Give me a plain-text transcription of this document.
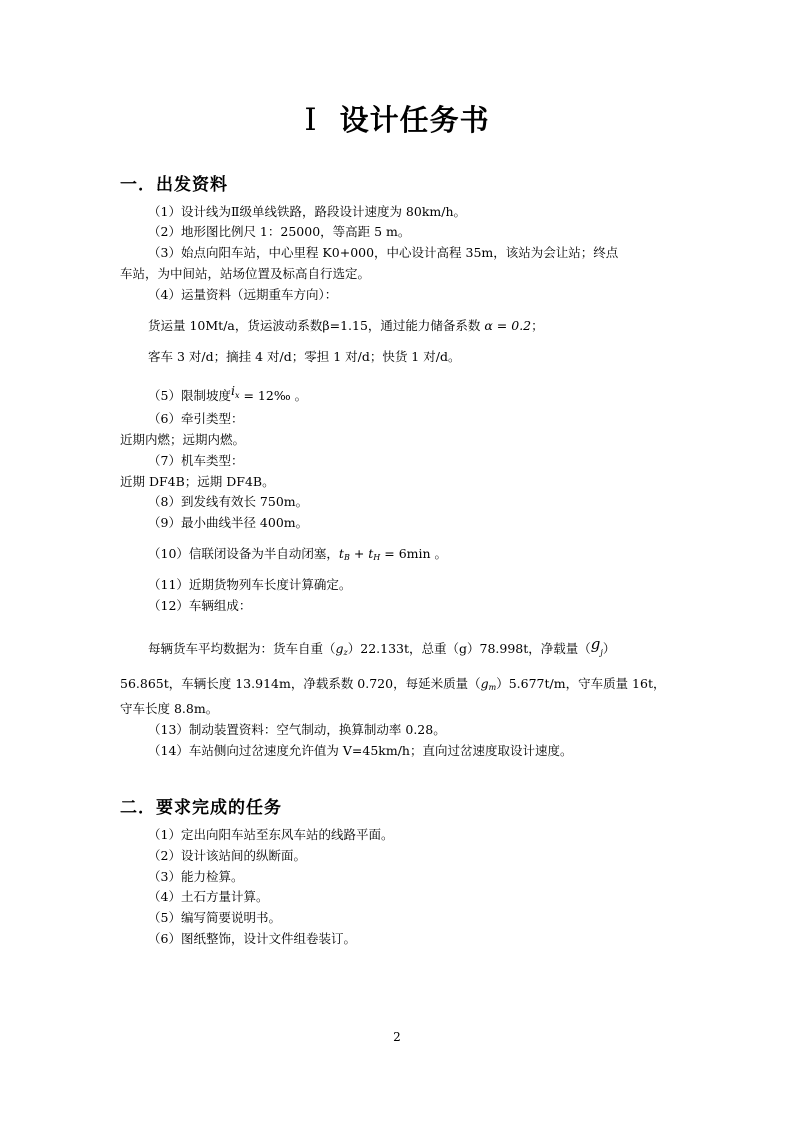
I 设计任务书
一．出发资料
（1）设计线为Ⅱ级单线铁路，路段设计速度为 80km/h。
（2）地形图比例尺 1：25000，等高距 5 m。
（3）始点向阳车站，中心里程 K0+000，中心设计高程 35m，该站为会让站；终点
车站，为中间站，站场位置及标高自行选定。
（4）运量资料（远期重车方向）：
货运量 10Mt/a，货运波动系数β=1.15，通过能力储备系数 α = 0.2；
客车 3 对/d；摘挂 4 对/d；零担 1 对/d；快货 1 对/d。
（5）限制坡度$i^x$ = 12‰ 。
（6）牵引类型：
近期内燃；远期内燃。
（7）机车类型：
近期 DF4B；远期 DF4B。
（8）到发线有效长 750m。
（9）最小曲线半径 400m。
（10）信联闭设备为半自动闭塞，$t_B + t_H = 6\min$ 。
（11）近期货物列车长度计算确定。
（12）车辆组成：
每辆货车平均数据为：货车自重$(g_z)22.133t$，总重（g）78.998t，净载量$(g_j)$
56.865t，车辆长度 13.914m，净载系数 0.720，每延米质量$(g_m)5.677t/m$，守车质量 16t，
守车长度 8.8m。
（13）制动装置资料：空气制动，换算制动率 0.28。
（14）车站侧向过岔速度允许值为 V=45km/h；直向过岔速度取设计速度。
二．要求完成的任务
（1）定出向阳车站至东风车站的线路平面。
（2）设计该站间的纵断面。
（3）能力检算。
（4）土石方量计算。
（5）编写简要说明书。
（6）图纸整饰，设计文件组卷装订。
2
